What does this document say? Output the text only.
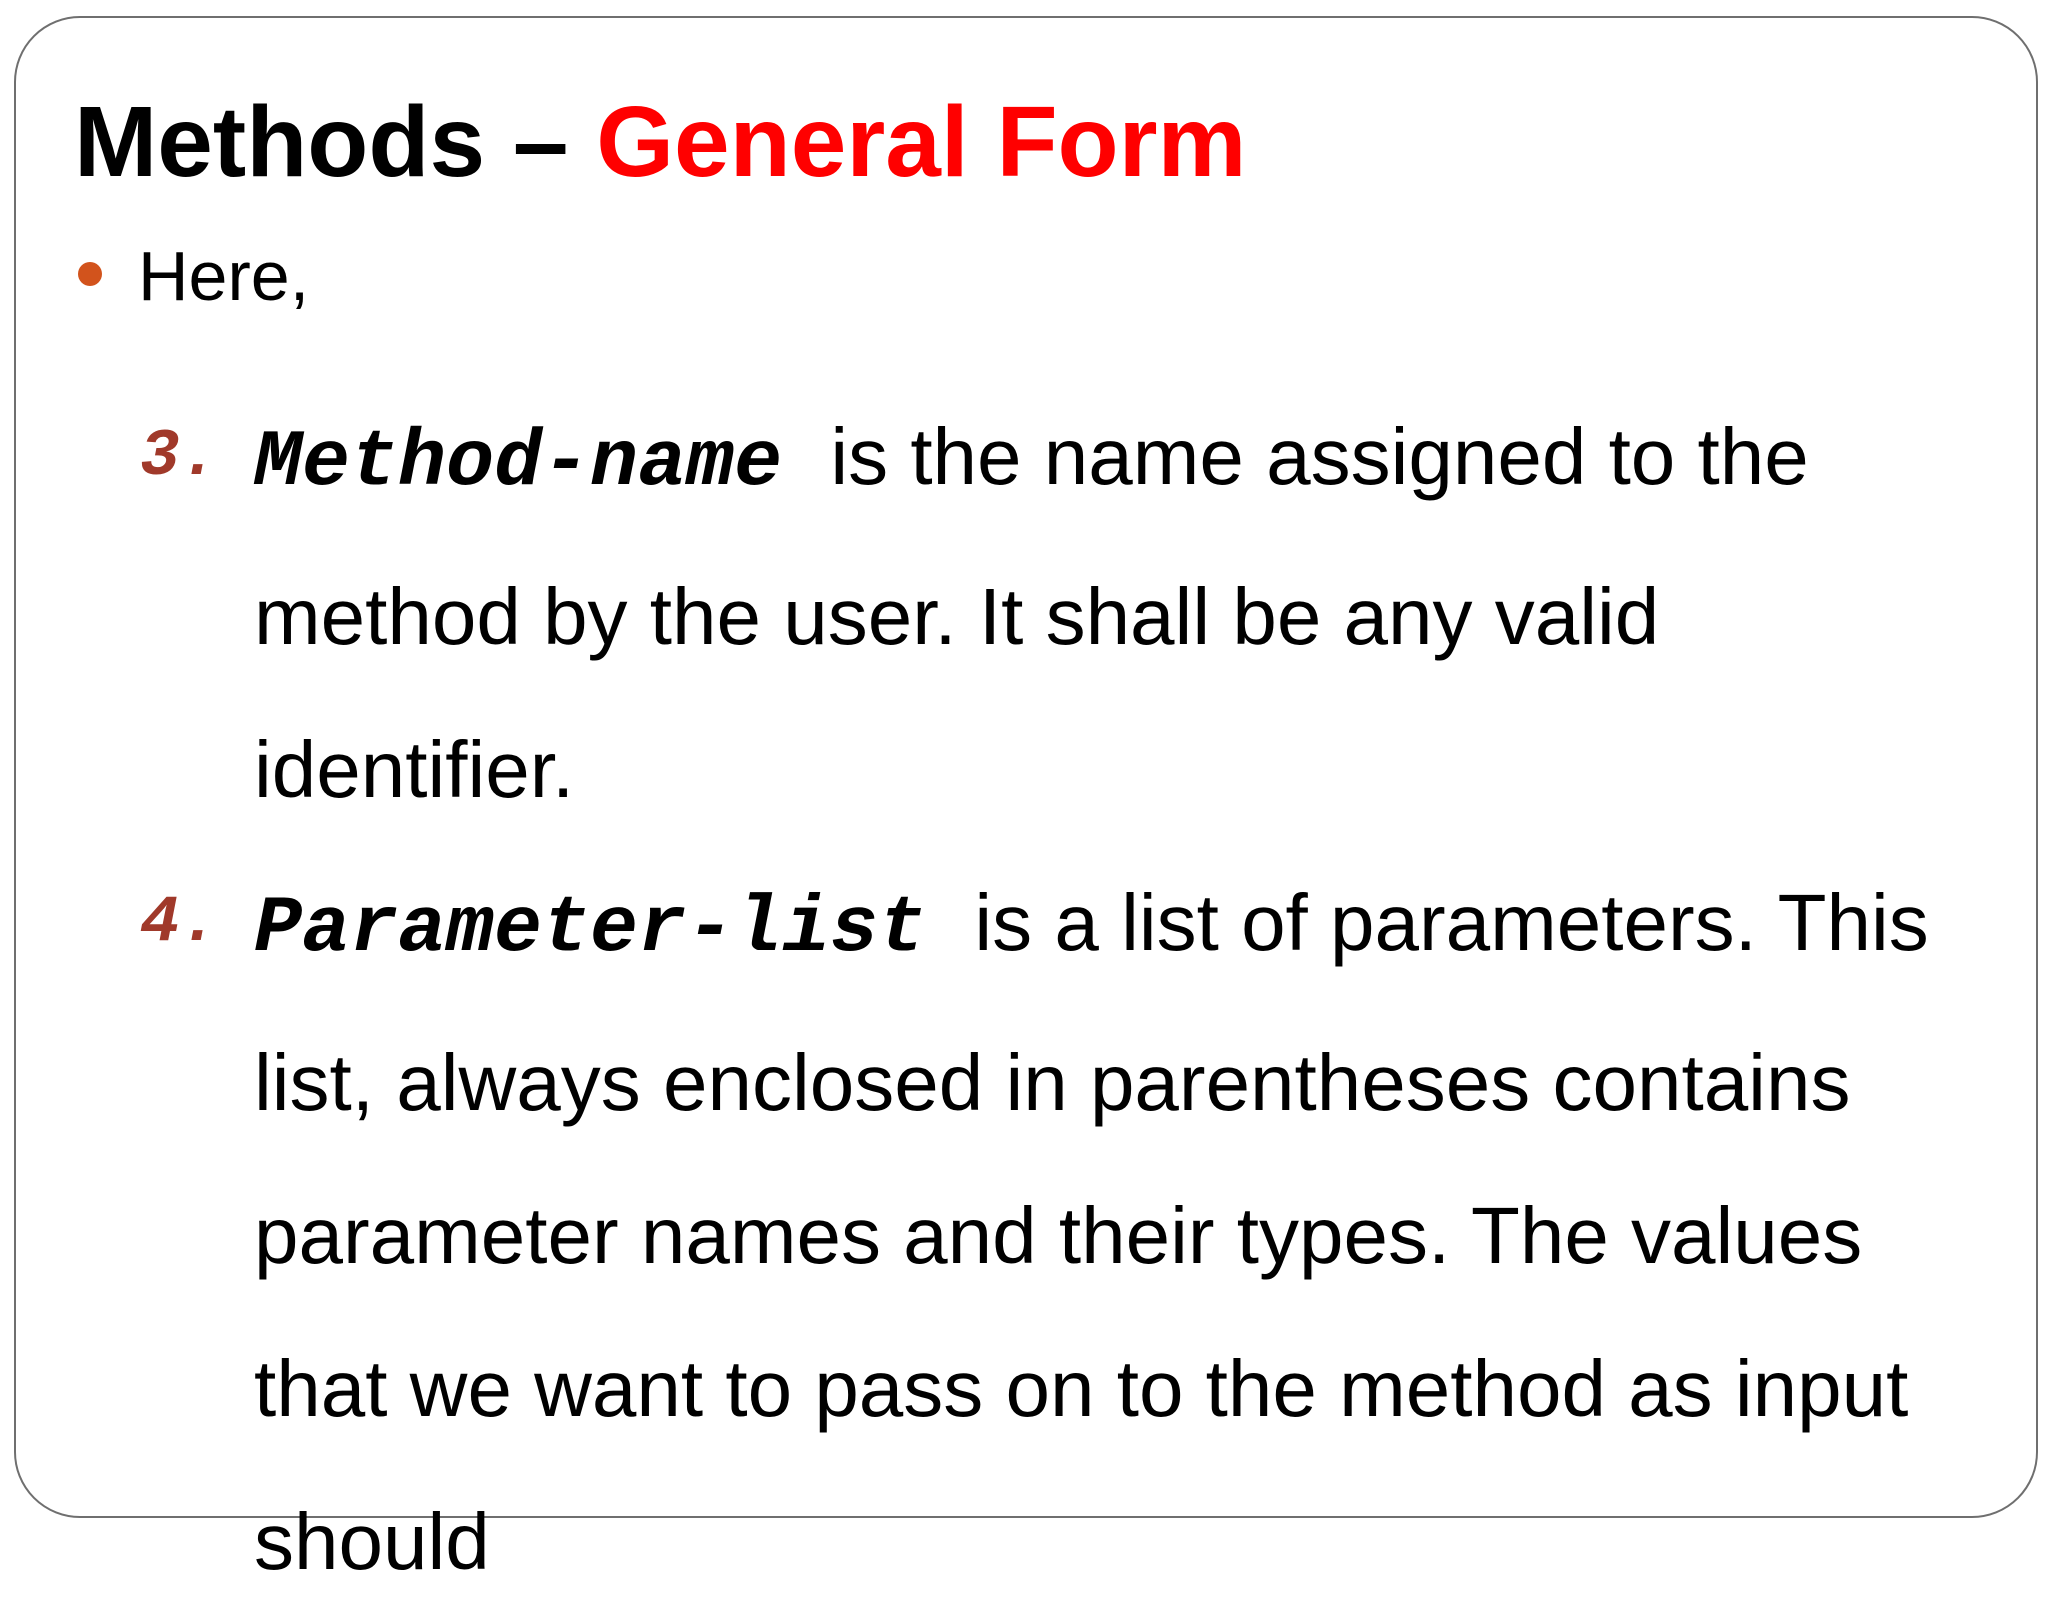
Methods – General Form
Here,
3. Method-name is the name assigned to the method by the user. It shall be any valid identifier.
4. Parameter-list is a list of parameters. This list, always enclosed in parentheses contains parameter names and their types. The values that we want to pass on to the method as input should
